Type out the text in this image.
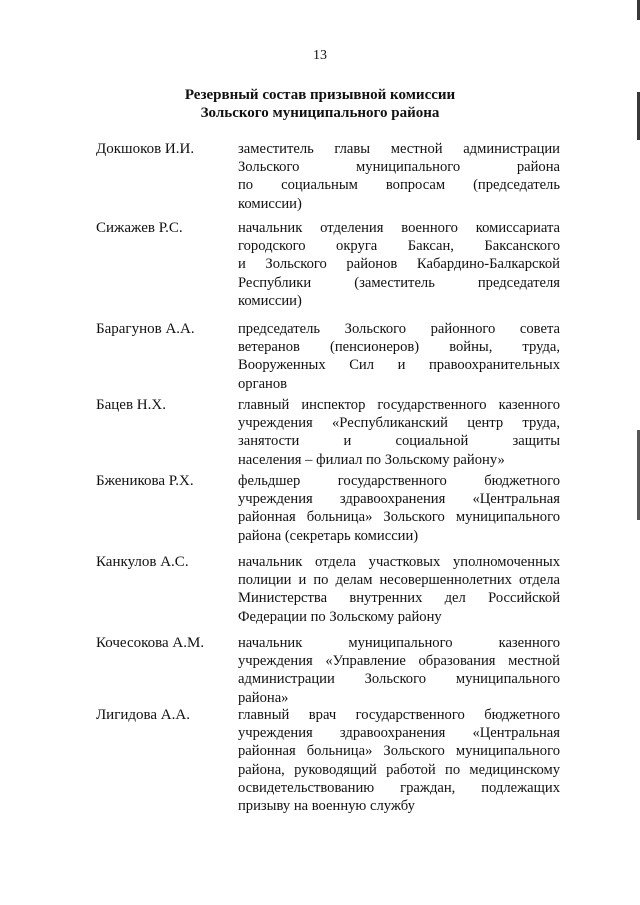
13
Резервный состав призывной комиссии
Зольского муниципального района
Докшоков И.И.	заместитель главы местной администрации
Зольского муниципального района
по социальным вопросам (председатель
комиссии)
Сижажев Р.С.	начальник отделения военного комиссариата
городского округа Баксан, Баксанского
и Зольского районов Кабардино-Балкарской
Республики (заместитель председателя
комиссии)
Барагунов А.А.	председатель Зольского районного совета
ветеранов (пенсионеров) войны, труда,
Вооруженных Сил и правоохранительных
органов
Бацев Н.Х.	главный инспектор государственного казенного
учреждения «Республиканский центр труда,
занятости и социальной защиты
населения – филиал по Зольскому району»
Бженикова Р.Х.	фельдшер государственного бюджетного
учреждения здравоохранения «Центральная
районная больница» Зольского муниципального
района (секретарь комиссии)
Канкулов А.С.	начальник отдела участковых уполномоченных
полиции и по делам несовершеннолетних отдела
Министерства внутренних дел Российской
Федерации по Зольскому району
Кочесокова А.М.	начальник муниципального казенного
учреждения «Управление образования местной
администрации Зольского муниципального
района»
Лигидова А.А.	главный врач государственного бюджетного
учреждения здравоохранения «Центральная
районная больница» Зольского муниципального
района, руководящий работой по медицинскому
освидетельствованию граждан, подлежащих
призыву на военную службу
